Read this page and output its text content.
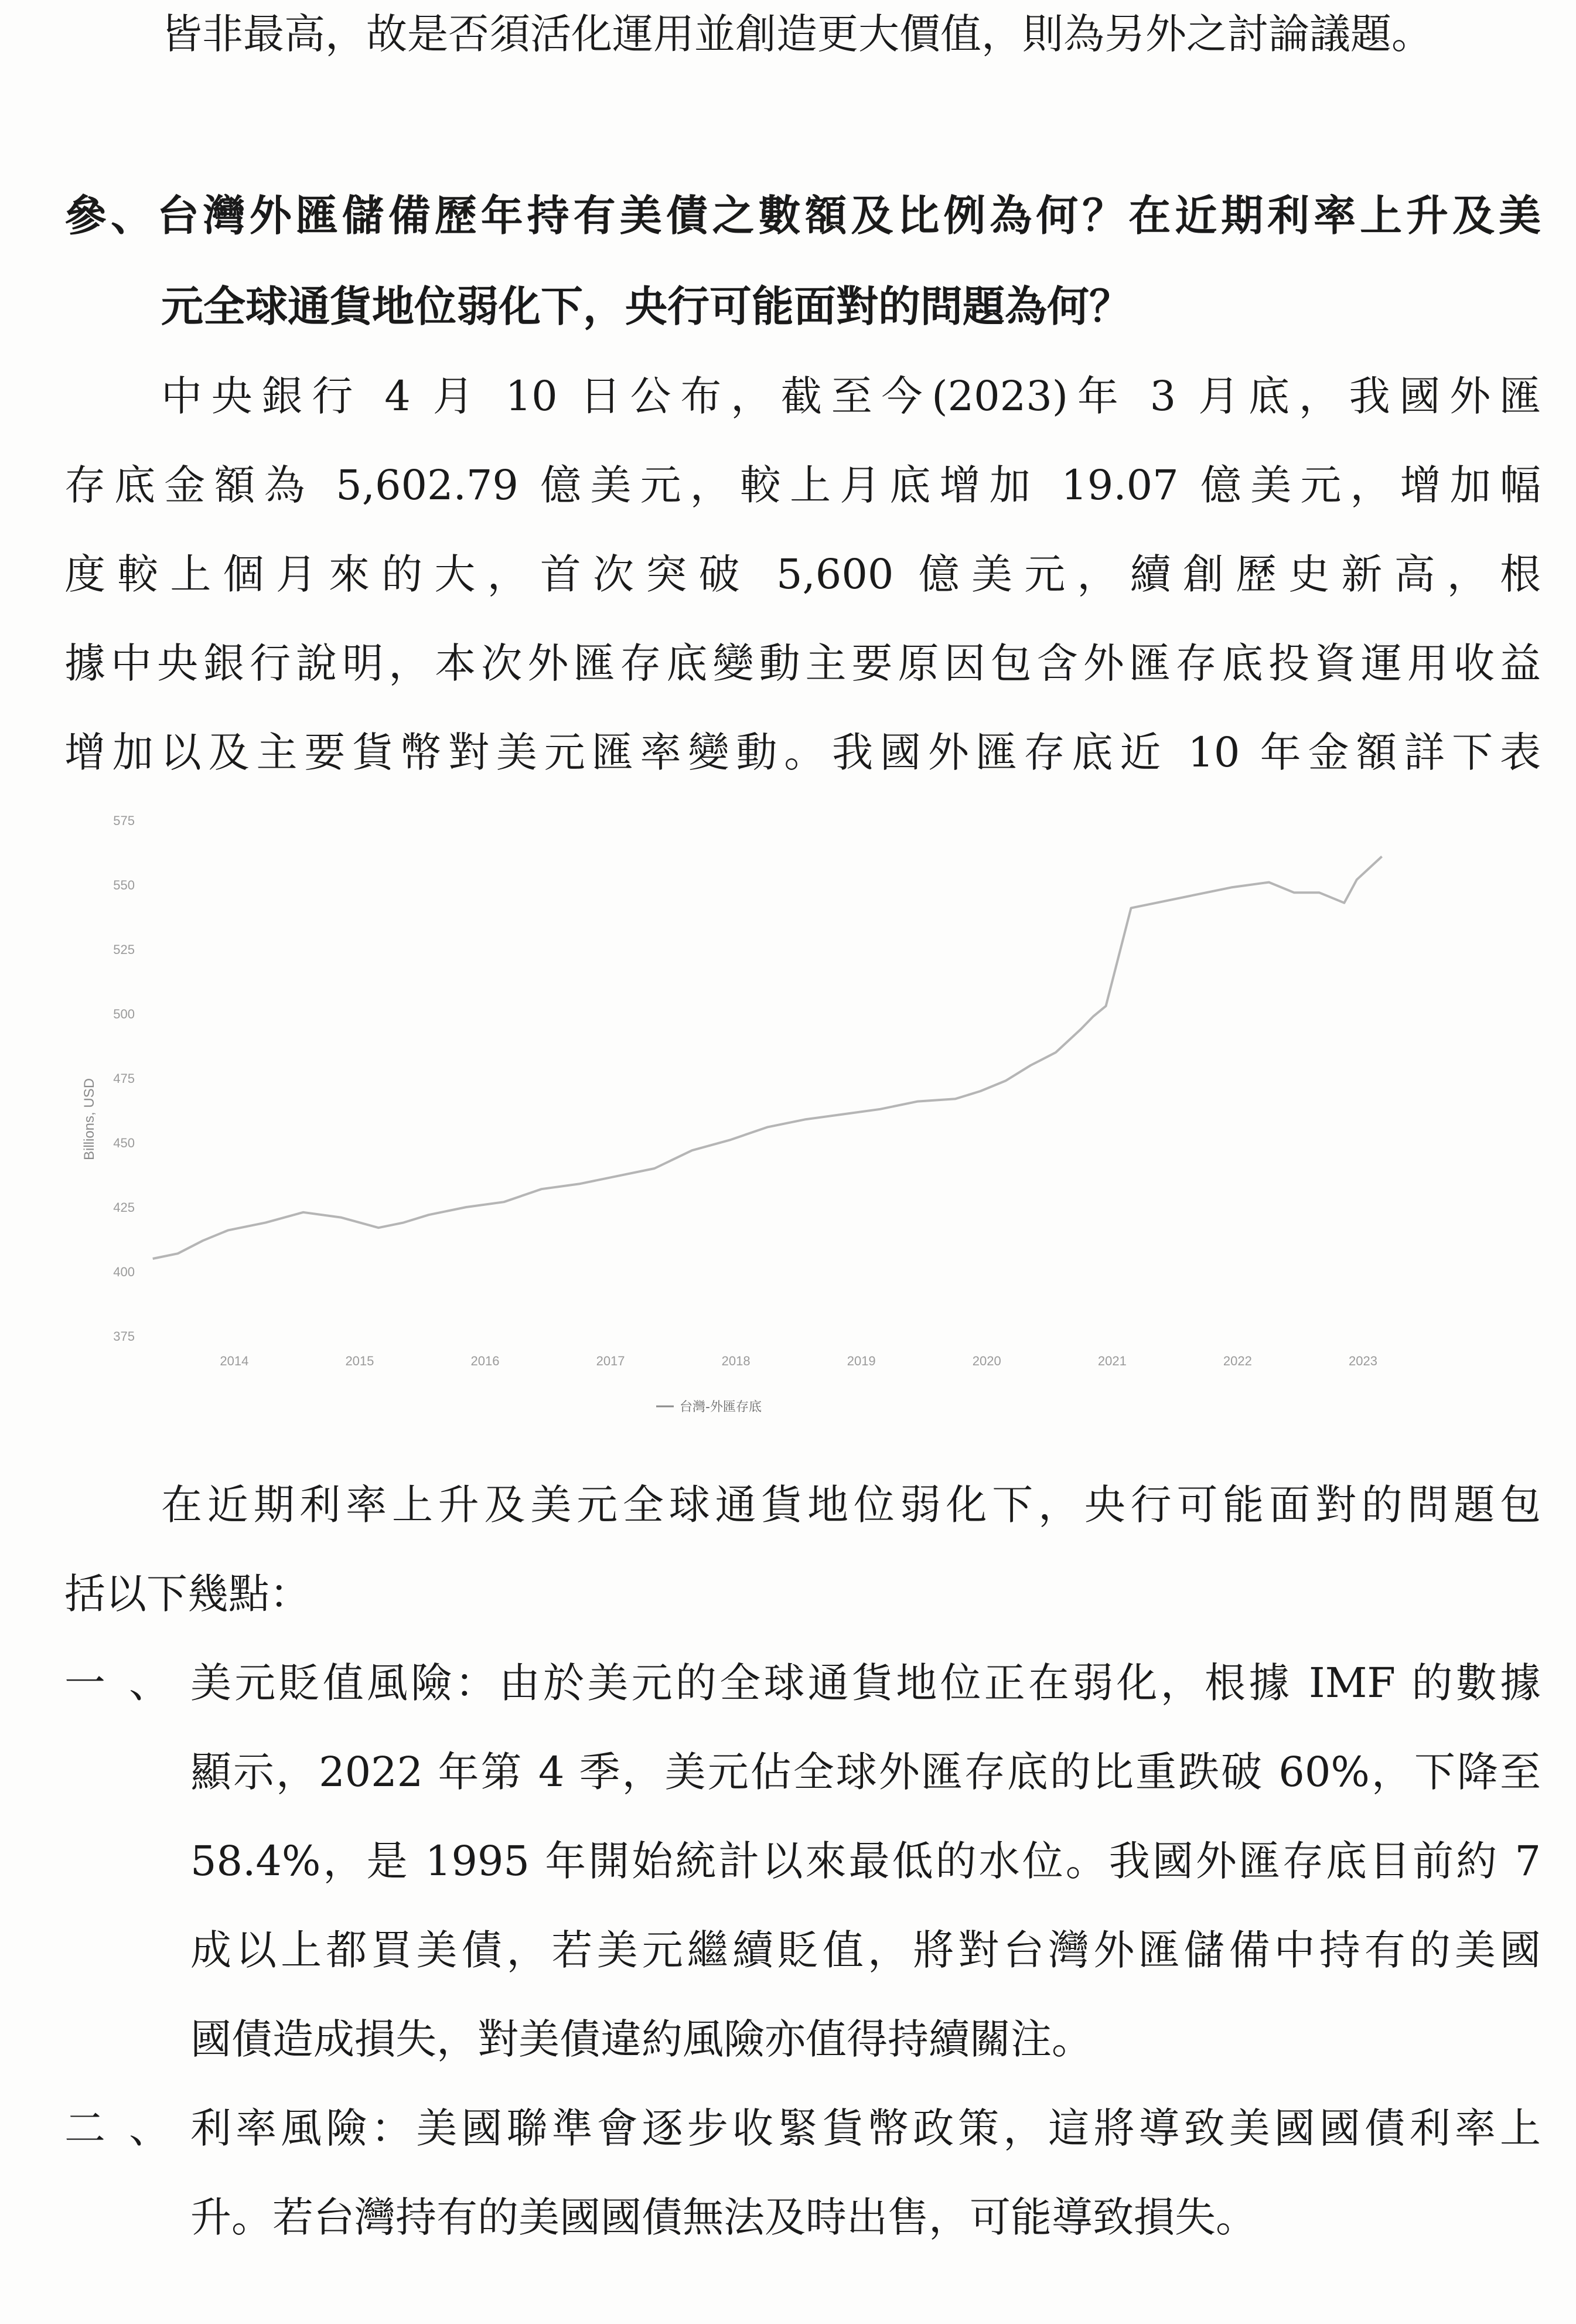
皆非最高，故是否須活化運用並創造更大價值，則為另外之討論議題。
參、台灣外匯儲備歷年持有美債之數額及比例為何？在近期利率上升及美
元全球通貨地位弱化下，央行可能面對的問題為何？
中央銀行 4 月 10 日公布，截至今(2023)年 3 月底，我國外匯
存底金額為 5,602.79 億美元，較上月底增加 19.07 億美元，增加幅
度較上個月來的大，首次突破 5,600 億美元，續創歷史新高，根
據中央銀行說明，本次外匯存底變動主要原因包含外匯存底投資運用收益
增加以及主要貨幣對美元匯率變動。我國外匯存底近 10 年金額詳下表
575
550
525
500
475
450
425
400
375
2014	2015	2016	2017	2018	2019	2020	2021	2022	2023
Billions, USD
台灣-外匯存底
在近期利率上升及美元全球通貨地位弱化下，央行可能面對的問題包
括以下幾點：
一、
美元貶值風險：由於美元的全球通貨地位正在弱化，根據 IMF 的數據
顯示，2022 年第 4 季，美元佔全球外匯存底的比重跌破 60%，下降至
58.4%，是 1995 年開始統計以來最低的水位。我國外匯存底目前約 7
成以上都買美債，若美元繼續貶值，將對台灣外匯儲備中持有的美國
國債造成損失，對美債違約風險亦值得持續關注。
二、
利率風險：美國聯準會逐步收緊貨幣政策，這將導致美國國債利率上
升。若台灣持有的美國國債無法及時出售，可能導致損失。
